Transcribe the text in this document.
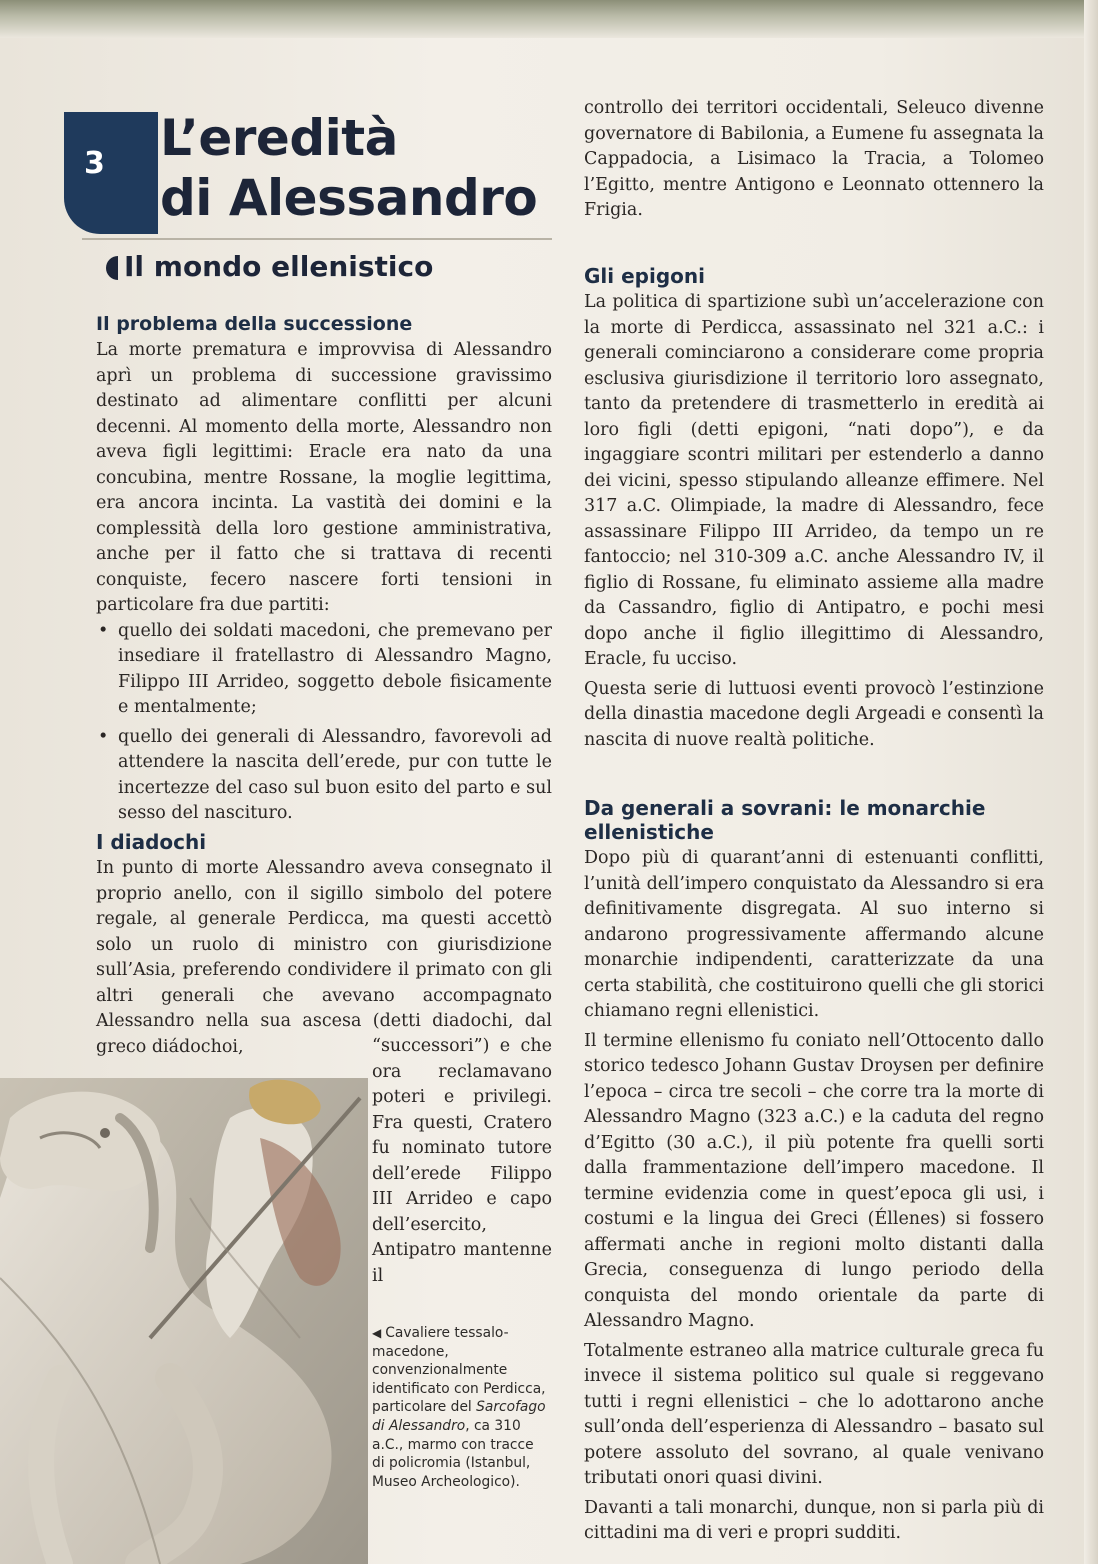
3 L’eredità
di Alessandro
Il mondo ellenistico
Il problema della successione

La morte prematura e improvvisa di Alessandro aprì un problema di successione gravissimo destinato ad alimentare conflitti per alcuni decenni. Al momento della morte, Alessandro non aveva figli legittimi: Eracle era nato da una concubina, mentre Rossane, la moglie legittima, era ancora incinta. La vastità dei domini e la complessità della loro gestione amministrativa, anche per il fatto che si trattava di recenti conquiste, fecero nascere forti tensioni in particolare fra due partiti:

• quello dei soldati macedoni, che premevano per insediare il fratellastro di Alessandro Magno, Filippo III Arrideo, soggetto debole fisicamente e mentalmente;
• quello dei generali di Alessandro, favorevoli ad attendere la nascita dell’erede, pur con tutte le incertezze del caso sul buon esito del parto e sul sesso del nascituro.
I diadochi

In punto di morte Alessandro aveva consegnato il proprio anello, con il sigillo simbolo del potere regale, al generale Perdicca, ma questi accettò solo un ruolo di ministro con giurisdizione sull’Asia, preferendo condividere il primato con gli altri generali che avevano accompagnato Alessandro nella sua ascesa (detti diadochi, dal greco diádochoi,	“successori”) e che ora reclamavano poteri e privilegi. Fra questi, Cratero fu nominato tutore dell’erede Filippo III Arrideo e capo dell’esercito, Antipatro mantenne il

◀ Cavaliere tessalo-macedone, convenzionalmente identificato con Perdicca, particolare del Sarcofago di Alessandro, ca 310 a.C., marmo con tracce di policromia (Istanbul, Museo Archeologico).

controllo dei territori occidentali, Seleuco divenne governatore di Babilonia, a Eumene fu assegnata la Cappadocia, a Lisimaco la Tracia, a Tolomeo l’Egitto, mentre Antigono e Leonnato ottennero la Frigia.

Gli epigoni

La politica di spartizione subì un’accelerazione con la morte di Perdicca, assassinato nel 321 a.C.: i generali cominciarono a considerare come propria esclusiva giurisdizione il territorio loro assegnato, tanto da pretendere di trasmetterlo in eredità ai loro figli (detti epigoni, “nati dopo”), e da ingaggiare scontri militari per estenderlo a danno dei vicini, spesso stipulando alleanze effimere. Nel 317 a.C. Olimpiade, la madre di Alessandro, fece assassinare Filippo III Arrideo, da tempo un re fantoccio; nel 310-309 a.C. anche Alessandro IV, il figlio di Rossane, fu eliminato assieme alla madre da Cassandro, figlio di Antipatro, e pochi mesi dopo anche il figlio illegittimo di Alessandro, Eracle, fu ucciso.

Questa serie di luttuosi eventi provocò l’estinzione della dinastia macedone degli Argeadi e consentì la nascita di nuove realtà politiche.

Da generali a sovrani: le monarchie ellenistiche

Dopo più di quarant’anni di estenuanti conflitti, l’unità dell’impero conquistato da Alessandro si era definitivamente disgregata. Al suo interno si andarono progressivamente affermando alcune monarchie indipendenti, caratterizzate da una certa stabilità, che costituirono quelli che gli storici chiamano regni ellenistici.

Il termine ellenismo fu coniato nell’Ottocento dallo storico tedesco Johann Gustav Droysen per definire l’epoca – circa tre secoli – che corre tra la morte di Alessandro Magno (323 a.C.) e la caduta del regno d’Egitto (30 a.C.), il più potente fra quelli sorti dalla frammentazione dell’impero macedone. Il termine evidenzia come in quest’epoca gli usi, i costumi e la lingua dei Greci (Éllenes) si fossero affermati anche in regioni molto distanti dalla Grecia, conseguenza di lungo periodo della conquista del mondo orientale da parte di Alessandro Magno.

Totalmente estraneo alla matrice culturale greca fu invece il sistema politico sul quale si reggevano tutti i regni ellenistici – che lo adottarono anche sull’onda dell’esperienza di Alessandro – basato sul potere assoluto del sovrano, al quale venivano tributati onori quasi divini.

Davanti a tali monarchi, dunque, non si parla più di cittadini ma di veri e propri sudditi.
